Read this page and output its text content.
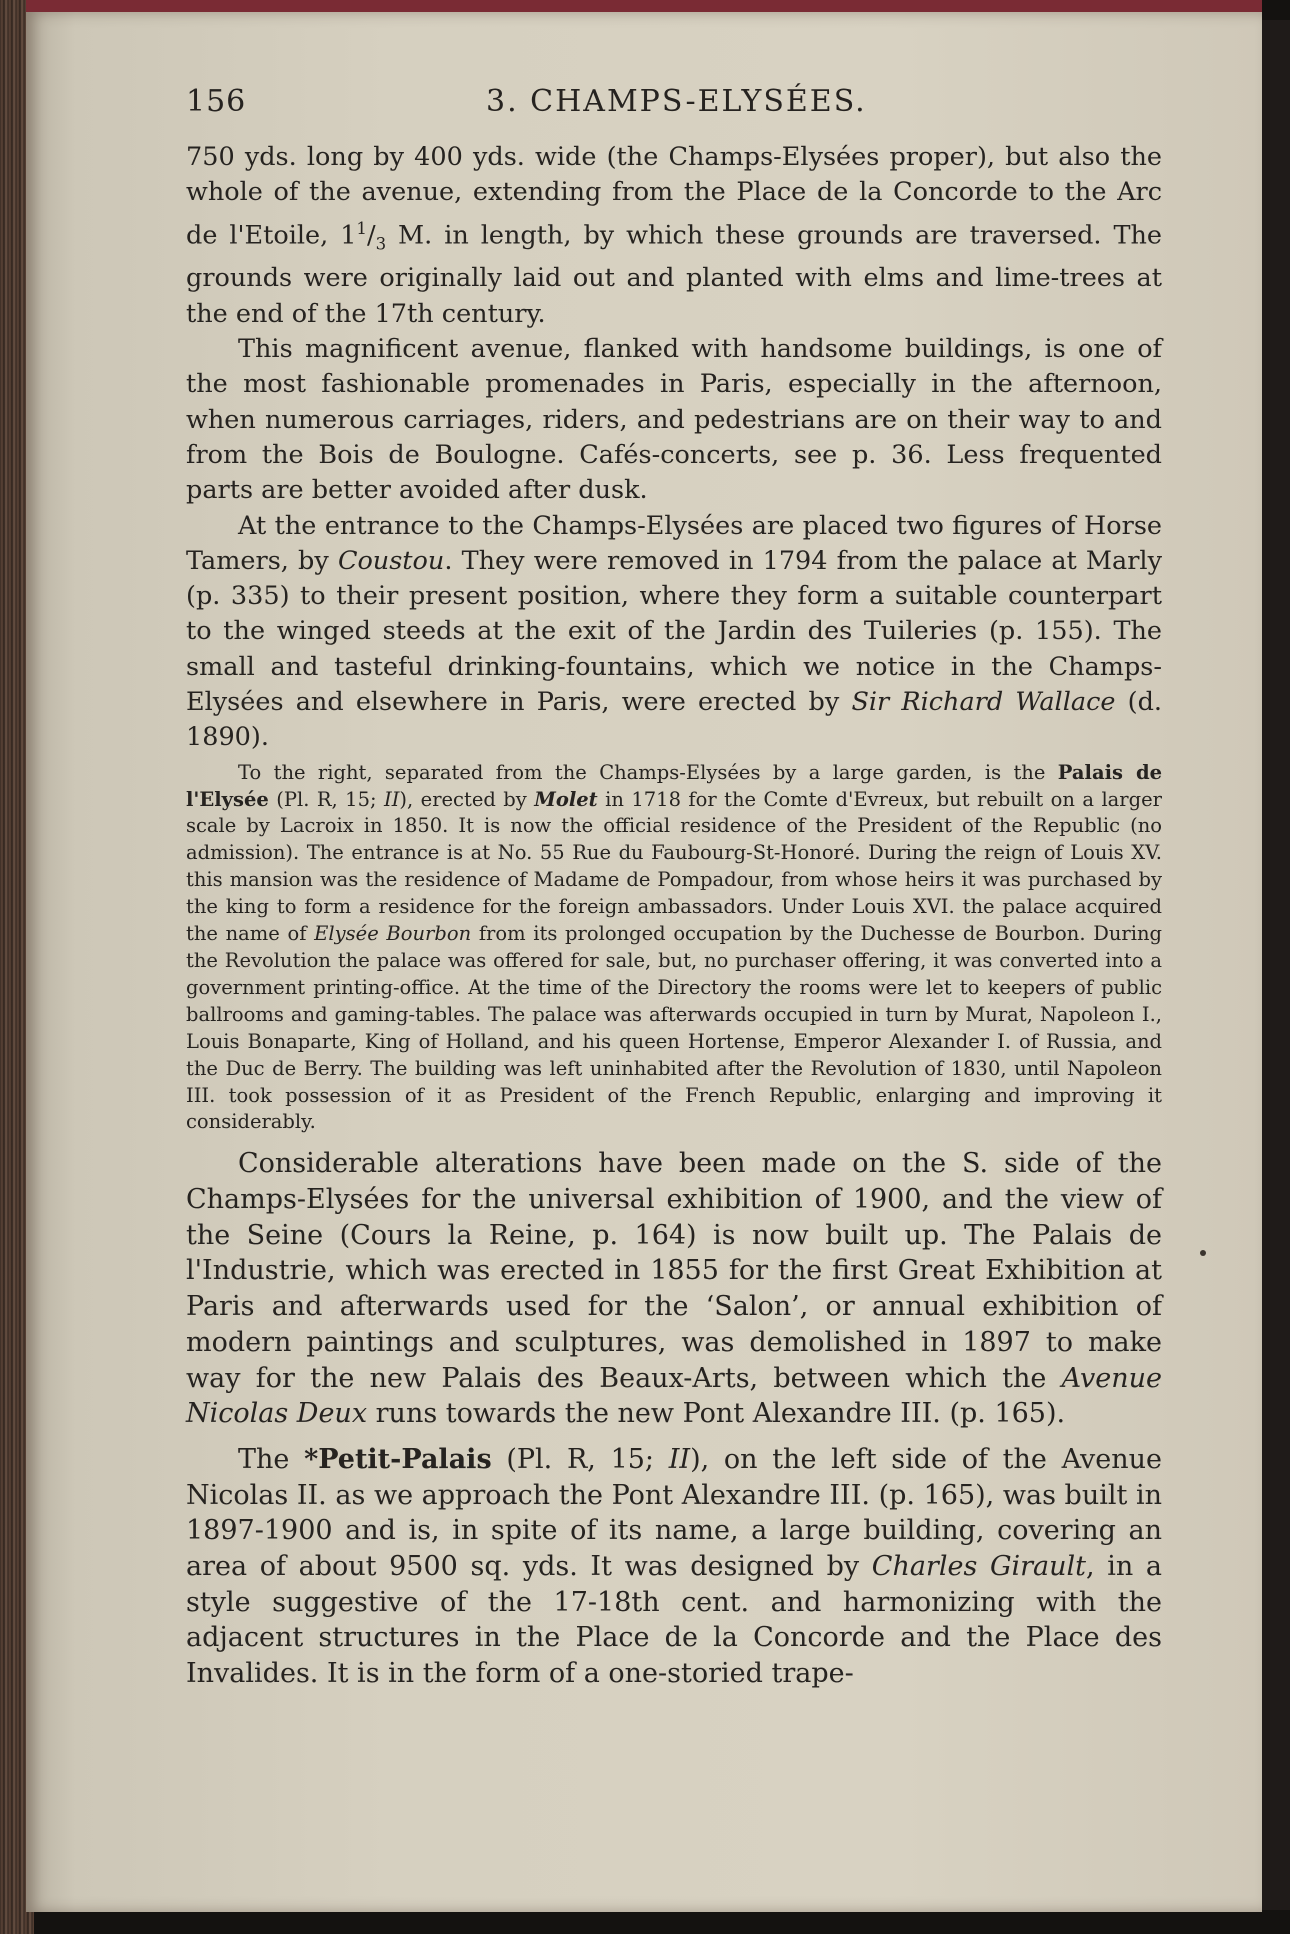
156	3. CHAMPS-ELYSÉES.

750 yds. long by 400 yds. wide (the Champs-Elysées proper), but also the whole of the avenue, extending from the Place de la Concorde to the Arc de l'Etoile, $1^1/_3$ M. in length, by which these grounds are traversed. The grounds were originally laid out and planted with elms and lime-trees at the end of the 17th century.

This magnificent avenue, flanked with handsome buildings, is one of the most fashionable promenades in Paris, especially in the afternoon, when numerous carriages, riders, and pedestrians are on their way to and from the Bois de Boulogne. Cafés-concerts, see p. 36. Less frequented parts are better avoided after dusk.

At the entrance to the Champs-Elysées are placed two figures of Horse Tamers, by Coustou. They were removed in 1794 from the palace at Marly (p. 335) to their present position, where they form a suitable counterpart to the winged steeds at the exit of the Jardin des Tuileries (p. 155). The small and tasteful drinking-fountains, which we notice in the Champs-Elysées and elsewhere in Paris, were erected by Sir Richard Wallace (d. 1890).

To the right, separated from the Champs-Elysées by a large garden, is the Palais de l'Elysée (Pl. R, 15; II), erected by Molet in 1718 for the Comte d'Evreux, but rebuilt on a larger scale by Lacroix in 1850. It is now the official residence of the President of the Republic (no admission). The entrance is at No. 55 Rue du Faubourg-St-Honoré. During the reign of Louis XV. this mansion was the residence of Madame de Pompadour, from whose heirs it was purchased by the king to form a residence for the foreign ambassadors. Under Louis XVI. the palace acquired the name of Elysée Bourbon from its prolonged occupation by the Duchesse de Bourbon. During the Revolution the palace was offered for sale, but, no purchaser offering, it was converted into a government printing-office. At the time of the Directory the rooms were let to keepers of public ballrooms and gaming-tables. The palace was afterwards occupied in turn by Murat, Napoleon I., Louis Bonaparte, King of Holland, and his queen Hortense, Emperor Alexander I. of Russia, and the Duc de Berry. The building was left uninhabited after the Revolution of 1830, until Napoleon III. took possession of it as President of the French Republic, enlarging and improving it considerably.

Considerable alterations have been made on the S. side of the Champs-Elysées for the universal exhibition of 1900, and the view of the Seine (Cours la Reine, p. 164) is now built up. The Palais de l'Industrie, which was erected in 1855 for the first Great Exhibition at Paris and afterwards used for the ‘Salon’, or annual exhibition of modern paintings and sculptures, was demolished in 1897 to make way for the new Palais des Beaux-Arts, between which the Avenue Nicolas Deux runs towards the new Pont Alexandre III. (p. 165).

The *Petit-Palais (Pl. R, 15; II), on the left side of the Avenue Nicolas II. as we approach the Pont Alexandre III. (p. 165), was built in 1897-1900 and is, in spite of its name, a large building, covering an area of about 9500 sq. yds. It was designed by Charles Girault, in a style suggestive of the 17-18th cent. and harmonizing with the adjacent structures in the Place de la Concorde and the Place des Invalides. It is in the form of a one-storied trape-
